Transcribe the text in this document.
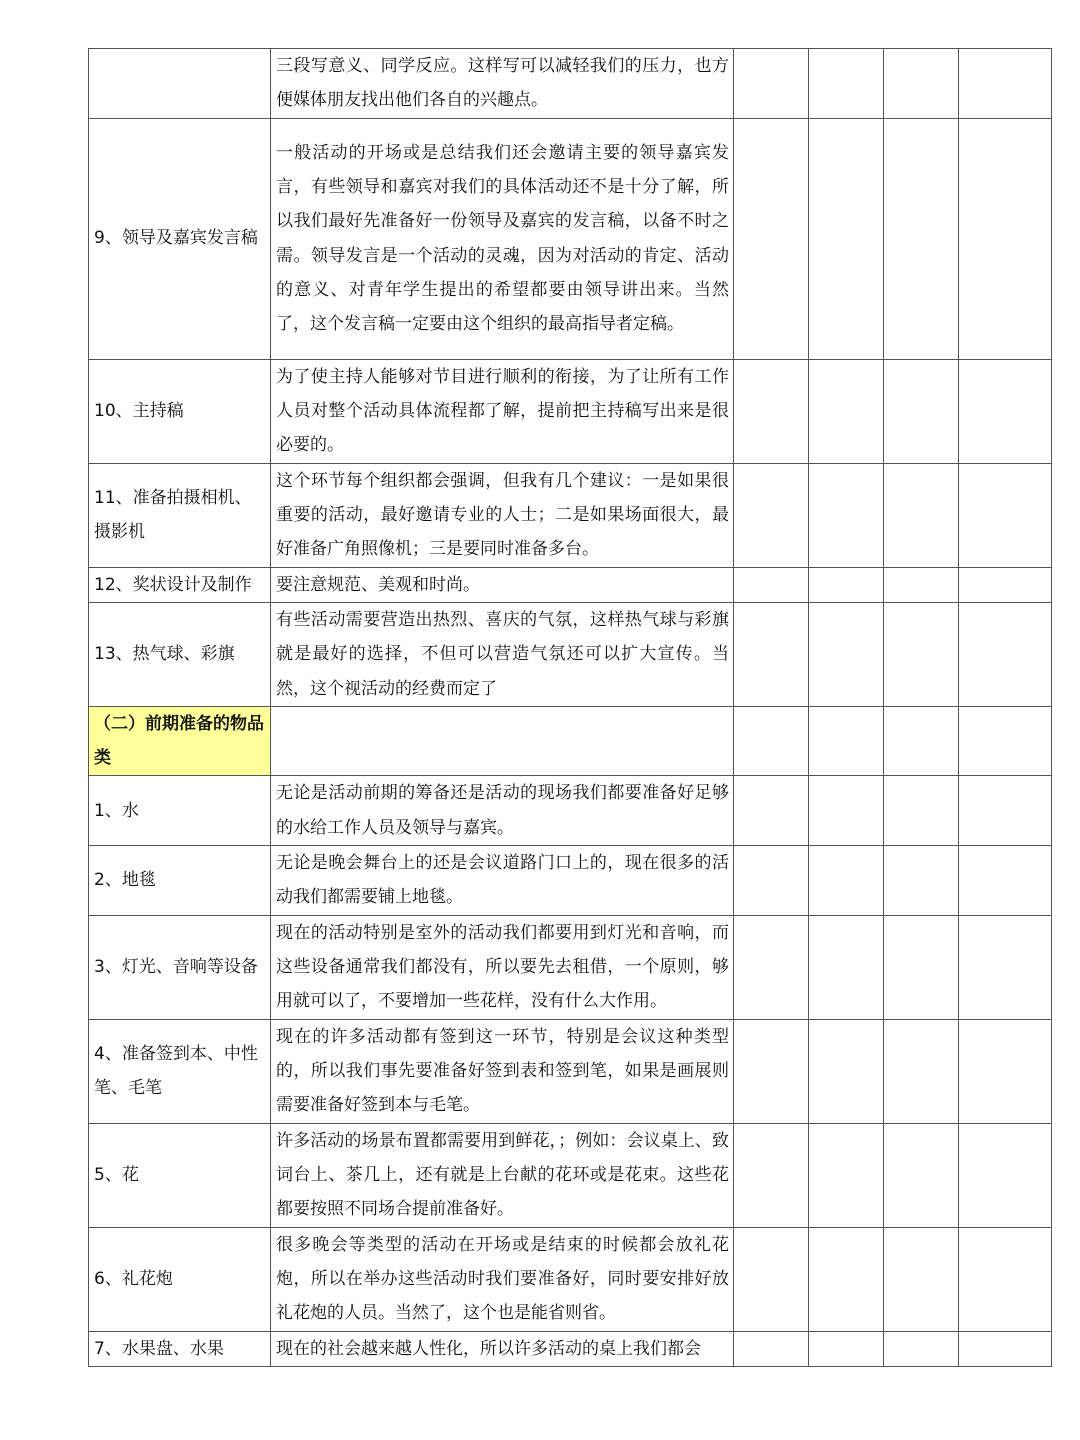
	三段写意义、同学反应。这样写可以减轻我们的压力，也方便媒体朋友找出他们各自的兴趣点。				
9、领导及嘉宾发言稿	一般活动的开场或是总结我们还会邀请主要的领导嘉宾发言，有些领导和嘉宾对我们的具体活动还不是十分了解，所以我们最好先准备好一份领导及嘉宾的发言稿，以备不时之需。领导发言是一个活动的灵魂，因为对活动的肯定、活动的意义、对青年学生提出的希望都要由领导讲出来。当然了，这个发言稿一定要由这个组织的最高指导者定稿。				
10、主持稿	为了使主持人能够对节目进行顺利的衔接，为了让所有工作人员对整个活动具体流程都了解，提前把主持稿写出来是很必要的。				
11、准备拍摄相机、摄影机	这个环节每个组织都会强调，但我有几个建议：一是如果很重要的活动，最好邀请专业的人士；二是如果场面很大，最好准备广角照像机；三是要同时准备多台。				
12、奖状设计及制作	要注意规范、美观和时尚。				
13、热气球、彩旗	有些活动需要营造出热烈、喜庆的气氛，这样热气球与彩旗就是最好的选择，不但可以营造气氛还可以扩大宣传。当然，这个视活动的经费而定了				
（二）前期准备的物品类					
1、水	无论是活动前期的筹备还是活动的现场我们都要准备好足够的水给工作人员及领导与嘉宾。				
2、地毯	无论是晚会舞台上的还是会议道路门口上的，现在很多的活动我们都需要铺上地毯。				
3、灯光、音响等设备	现在的活动特别是室外的活动我们都要用到灯光和音响，而这些设备通常我们都没有，所以要先去租借，一个原则，够用就可以了，不要增加一些花样，没有什么大作用。				
4、准备签到本、中性笔、毛笔	现在的许多活动都有签到这一环节，特别是会议这种类型的，所以我们事先要准备好签到表和签到笔，如果是画展则需要准备好签到本与毛笔。				
5、花	许多活动的场景布置都需要用到鲜花，；例如：会议桌上、致词台上、茶几上，还有就是上台献的花环或是花束。这些花都要按照不同场合提前准备好。				
6、礼花炮	很多晚会等类型的活动在开场或是结束的时候都会放礼花炮，所以在举办这些活动时我们要准备好，同时要安排好放礼花炮的人员。当然了，这个也是能省则省。				
7、水果盘、水果	现在的社会越来越人性化，所以许多活动的桌上我们都会				
